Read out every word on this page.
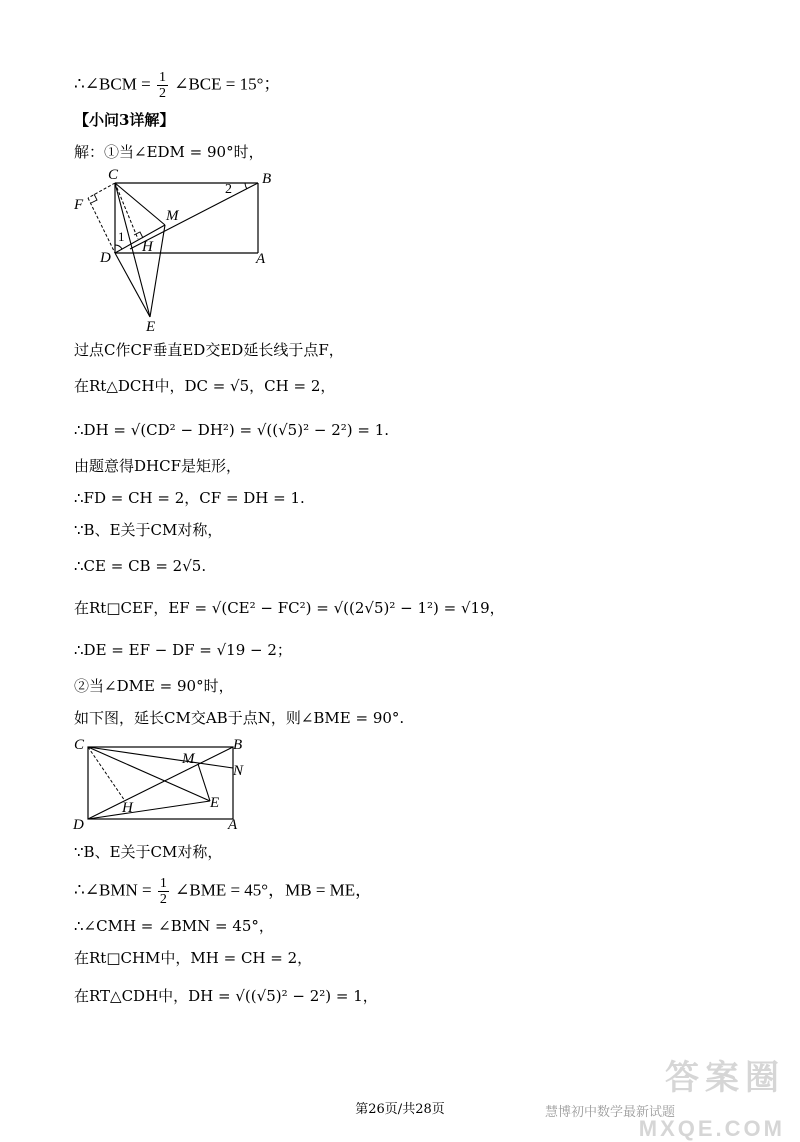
∴∠BCM = $\frac{1}{2}$ ∠BCE = 15°；
【小问3详解】
解：①当∠EDM = 90°时，
C	B
F
M
2
1
H
D	A
E
过点C作CF垂直ED交ED延长线于点F，
在Rt△DCH中，DC = √5，CH = 2，
∴DH = √(CD² − DH²) = √((√5)² − 2²) = 1.
由题意得DHCF是矩形，
∴FD = CH = 2，CF = DH = 1.
∵B、E关于CM对称，
∴CE = CB = 2√5.
在Rt□CEF，EF = √(CE² − FC²) = √((2√5)² − 1²) = √19，
∴DE = EF − DF = √19 − 2；
②当∠DME = 90°时，
如下图，延长CM交AB于点N，则∠BME = 90°.
C	B
M
N
H	E
D	A
∵B、E关于CM对称，
∴∠BMN = $\frac{1}{2}$ ∠BME = 45°，MB = ME，
∴∠CMH = ∠BMN = 45°，
在Rt□CHM中，MH = CH = 2，
在RT△CDH中，DH = √((√5)² − 2²) = 1，
答案圈
慧博初中数学最新试题
MXQE.COM
第26页/共28页
